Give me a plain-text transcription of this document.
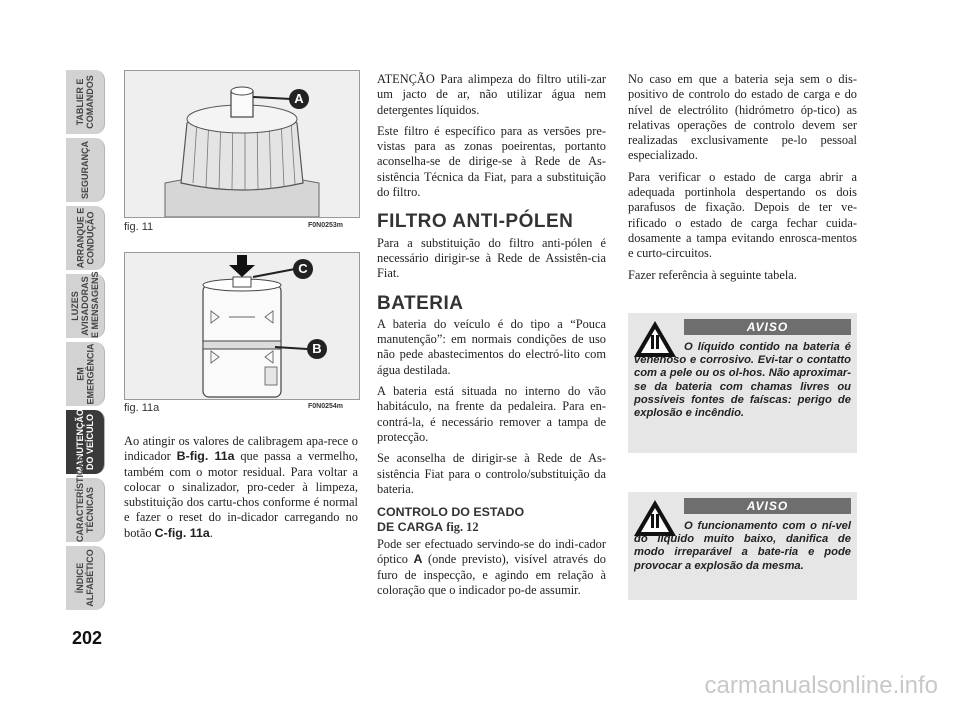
TABLIER E
COMANDOS
SEGURANÇA
ARRANQUE E
CONDUÇÃO
LUZES
AVISADORAS
E MENSAGENS
EM
EMERGÊNCIA
MANUTENÇÃO
DO VEÍCULO
CARACTERÍSTICAS
TÉCNICAS
ÍNDICE
ALFABÉTICO
202
A
fig. 11	F0N0253m
C
B
fig. 11a	F0N0254m

Ao atingir os valores de calibragem apa-rece o indicador B-fig. 11a que passa a vermelho, também com o motor residual. Para voltar a colocar o sinalizador, pro-ceder à limpeza, substituição dos cartu-chos conforme é normal e fazer o reset do in-dicador carregando no botão C-fig. 11a.

ATENÇÃO Para alimpeza do filtro utili-zar um jacto de ar, não utilizar água nem detergentes líquidos.

Este filtro é específico para as versões pre-vistas para as zonas poeirentas, portanto aconselha-se de dirige-se à Rede de As-sistência Técnica da Fiat, para a substituição do filtro.

FILTRO ANTI-PÓLEN

Para a substituição do filtro anti-pólen é necessário dirigir-se à Rede de Assistên-cia Fiat.

BATERIA

A bateria do veículo é do tipo a “Pouca manutenção”: em normais condições de uso não pede abastecimentos do electró-lito com água destilada.

A bateria está situada no interno do vão habitáculo, na frente da pedaleira. Para en-contrá-la, é necessário remover a tampa de protecção.

Se aconselha de dirigir-se à Rede de As-sistência Fiat para o controlo/substituição da bateria.

CONTROLO DO ESTADO
DE CARGA fig. 12

Pode ser efectuado servindo-se do indi-cador óptico A (onde previsto), visível através do furo de inspecção, e agindo em relação à coloração que o indicador po-de assumir.

No caso em que a bateria seja sem o dis-positivo de controlo do estado de carga e do nível de electrólito (hidrómetro óp-tico) as relativas operações de controlo devem ser realizadas exclusivamente pe-lo pessoal especializado.

Para verificar o estado de carga abrir a adequada portinhola despertando os dois parafusos de fixação. Depois de ter ve-rificado o estado de carga fechar cuida-dosamente a tampa evitando enrosca-mentos e curto-circuitos.

Fazer referência à seguinte tabela.

AVISO
O líquido contido na bateria é venenoso e corrosivo. Evi-tar o contatto com a pele ou os ol-hos. Não aproximar-se da bateria com chamas livres ou possíveis fontes de faíscas: perigo de explosão e incêndio.
AVISO
O funcionamento com o ní-vel do líquido muito baixo, danifica de modo irreparável a bate-ria e pode provocar a explosão da mesma.
carmanualsonline.info
